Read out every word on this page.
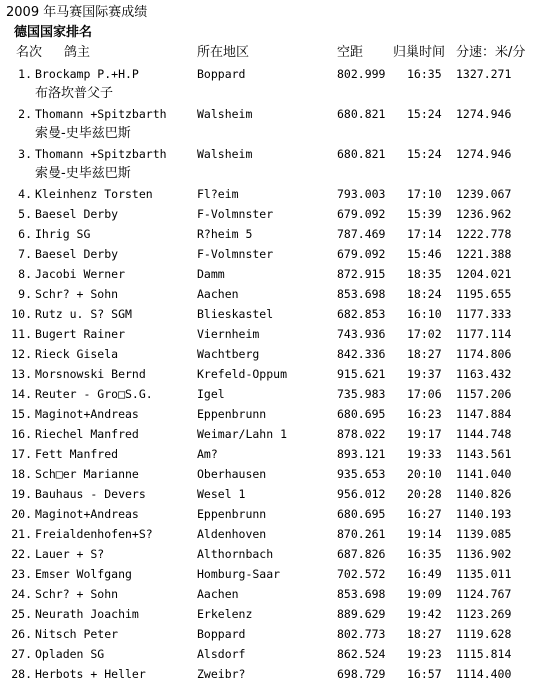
2009 年马赛国际赛成绩
德国国家排名
名次 鸽主	所在地区	空距 归巢时间 分速：米/分
1. Brockamp P.+H.P	Boppard	802.999 16:35 1327.271
布洛坎普父子
2. Thomann +Spitzbarth	Walsheim	680.821 15:24 1274.946
索曼-史毕兹巴斯
3. Thomann +Spitzbarth	Walsheim	680.821 15:24 1274.946
索曼-史毕兹巴斯
4. Kleinhenz Torsten	Fl?eim	793.003 17:10 1239.067
5. Baesel Derby	F-Volmnster	679.092 15:39 1236.962
6. Ihrig SG	R?heim 5	787.469 17:14 1222.778
7. Baesel Derby	F-Volmnster	679.092 15:46 1221.388
8. Jacobi Werner	Damm	872.915 18:35 1204.021
9. Schr? + Sohn	Aachen	853.698 18:24 1195.655
10. Rutz u. S? SGM	Blieskastel	682.853 16:10 1177.333
11. Bugert Rainer	Viernheim	743.936 17:02 1177.114
12. Rieck Gisela	Wachtberg	842.336 18:27 1174.806
13. Morsnowski Bernd	Krefeld-Oppum	915.621 19:37 1163.432
14. Reuter - Gro□S.G.	Igel	735.983 17:06 1157.206
15. Maginot+Andreas	Eppenbrunn	680.695 16:23 1147.884
16. Riechel Manfred	Weimar/Lahn 1	878.022 19:17 1144.748
17. Fett Manfred	Am?	893.121 19:33 1143.561
18. Sch□er Marianne	Oberhausen	935.653 20:10 1141.040
19. Bauhaus - Devers	Wesel 1	956.012 20:28 1140.826
20. Maginot+Andreas	Eppenbrunn	680.695 16:27 1140.193
21. Freialdenhofen+S?	Aldenhoven	870.261 19:14 1139.085
22. Lauer + S?	Althornbach	687.826 16:35 1136.902
23. Emser Wolfgang	Homburg-Saar	702.572 16:49 1135.011
24. Schr? + Sohn	Aachen	853.698 19:09 1124.767
25. Neurath Joachim	Erkelenz	889.629 19:42 1123.269
26. Nitsch Peter	Boppard	802.773 18:27 1119.628
27. Opladen SG	Alsdorf	862.524 19:23 1115.814
28. Herbots + Heller	Zweibr?	698.729 16:57 1114.400
